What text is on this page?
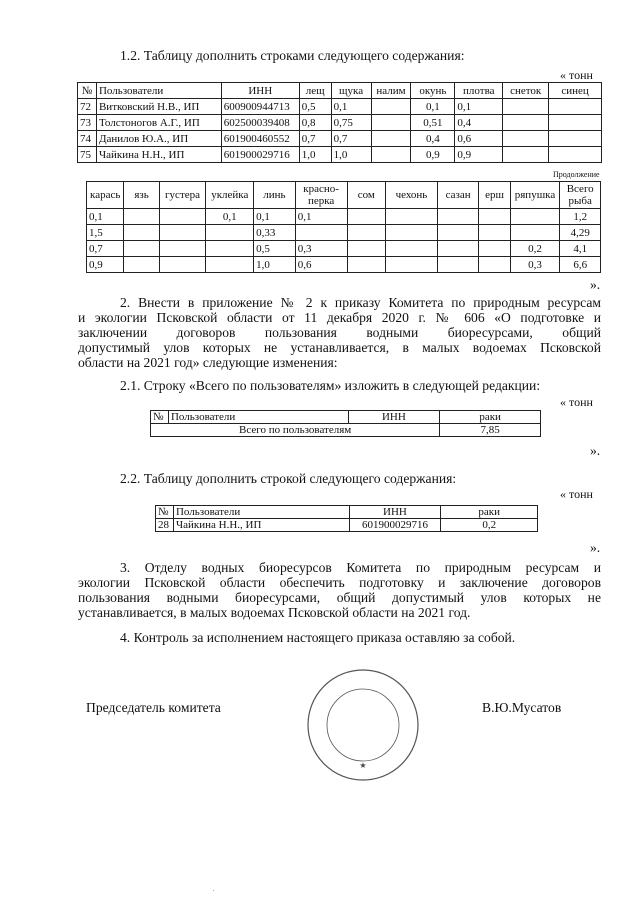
1.2. Таблицу дополнить строками следующего содержания:
« тонн
№	Пользователи	ИНН	лещ	щука	налим	окунь	плотва	снеток	синец
72	Витковский Н.В., ИП	600900944713	0,5	0,1		0,1	0,1		
73	Толстоногов А.Г., ИП	602500039408	0,8	0,75		0,51	0,4		
74	Данилов Ю.А., ИП	601900460552	0,7	0,7		0,4	0,6		
75	Чайкина Н.Н., ИП	601900029716	1,0	1,0		0,9	0,9		
Продолжение
карась	язь	густера	уклейка	линь	красно-перка	сом	чехонь	сазан	ерш	ряпушка	Всего рыба
0,1			0,1	0,1	0,1						1,2
1,5				0,33							4,29
0,7				0,5	0,3					0,2	4,1
0,9				1,0	0,6					0,3	6,6
».
2. Внести в приложение № 2 к приказу Комитета по природным ресурсам
и экологии Псковской области от 11 декабря 2020 г. № 606 «О подготовке и
заключении договоров пользования водными биоресурсами, общий
допустимый улов которых не устанавливается, в малых водоемах Псковской
области на 2021 год» следующие изменения:
2.1. Строку «Всего по пользователям» изложить в следующей редакции:
« тонн
№	Пользователи	ИНН	раки
Всего по пользователям			7,85
».
2.2. Таблицу дополнить строкой следующего содержания:
« тонн
№	Пользователи	ИНН	раки
28	Чайкина Н.Н., ИП	601900029716	0,2
».
3. Отделу водных биоресурсов Комитета по природным ресурсам и
экологии Псковской области обеспечить подготовку и заключение договоров
пользования водными биоресурсами, общий допустимый улов которых не
устанавливается, в малых водоемах Псковской области на 2021 год.
4. Контроль за исполнением настоящего приказа оставляю за собой.
Председатель комитета	В.Ю.Мусатов
★
.
